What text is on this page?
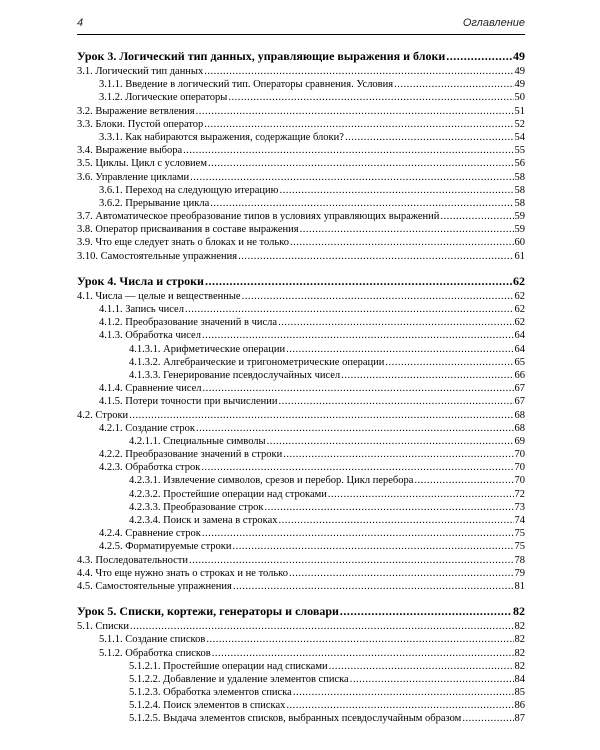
4	Оглавление
Урок 3. Логический тип данных, управляющие выражения и блоки .....	49
3.1. Логический тип данных .....	49
3.1.1. Введение в логический тип. Операторы сравнения. Условия .....	49
3.1.2. Логические операторы .....	50
3.2. Выражение ветвления .....	51
3.3. Блоки. Пустой оператор .....	52
3.3.1. Как набираются выражения, содержащие блоки? .....	54
3.4. Выражение выбора .....	55
3.5. Циклы. Цикл с условием .....	56
3.6. Управление циклами .....	58
3.6.1. Переход на следующую итерацию .....	58
3.6.2. Прерывание цикла .....	58
3.7. Автоматическое преобразование типов в условиях управляющих выражений .....	59
3.8. Оператор присваивания в составе выражения .....	59
3.9. Что еще следует знать о блоках и не только .....	60
3.10. Самостоятельные упражнения .....	61
Урок 4. Числа и строки .....	62
4.1. Числа — целые и вещественные .....	62
4.1.1. Запись чисел .....	62
4.1.2. Преобразование значений в числа .....	62
4.1.3. Обработка чисел .....	64
4.1.3.1. Арифметические операции .....	64
4.1.3.2. Алгебраические и тригонометрические операции .....	65
4.1.3.3. Генерирование псевдослучайных чисел .....	66
4.1.4. Сравнение чисел .....	67
4.1.5. Потери точности при вычислении .....	67
4.2. Строки .....	68
4.2.1. Создание строк .....	68
4.2.1.1. Специальные символы .....	69
4.2.2. Преобразование значений в строки .....	70
4.2.3. Обработка строк .....	70
4.2.3.1. Извлечение символов, срезов и перебор. Цикл перебора .....	70
4.2.3.2. Простейшие операции над строками .....	72
4.2.3.3. Преобразование строк .....	73
4.2.3.4. Поиск и замена в строках .....	74
4.2.4. Сравнение строк .....	75
4.2.5. Форматируемые строки .....	75
4.3. Последовательности .....	78
4.4. Что еще нужно знать о строках и не только .....	79
4.5. Самостоятельные упражнения .....	81
Урок 5. Списки, кортежи, генераторы и словари .....	82
5.1. Списки .....	82
5.1.1. Создание списков .....	82
5.1.2. Обработка списков .....	82
5.1.2.1. Простейшие операции над списками .....	82
5.1.2.2. Добавление и удаление элементов списка .....	84
5.1.2.3. Обработка элементов списка .....	85
5.1.2.4. Поиск элементов в списках .....	86
5.1.2.5. Выдача элементов списков, выбранных псевдослучайным образом .....	87
